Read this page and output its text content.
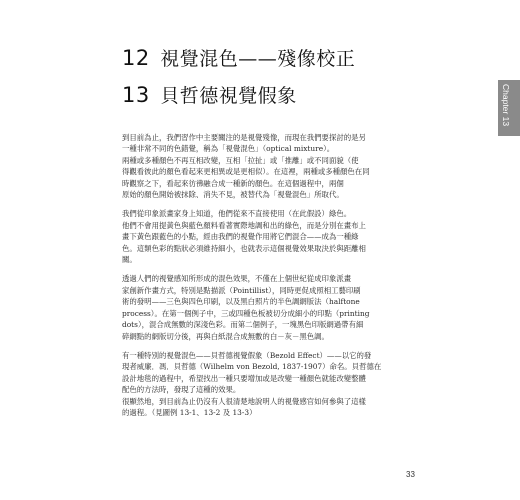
12 視覺混色——殘像校正
13 貝哲德視覺假象	Chapter 13
到目前為止，我們習作中主要關注的是視覺殘像，而現在我們要探討的是另
一種非常不同的色錯覺，稱為「視覺混色」（optical mixture）。
兩種或多種顏色不再互相改變，互相「拉扯」或「推離」或不同面貌（使
得觀看彼此的顏色看起來更相異或是更相似）。在這裡，兩種或多種顏色在同
時觀察之下，看起來彷彿融合成一種新的顏色。在這個過程中，兩個
原始的顏色開始被抹除、消失不見，被替代為「視覺混色」所取代。
我們從印象派畫家身上知道，他們從來不直接使用（在此假設）綠色。
他們不會用提黃色與藍色顏料看著實際地調和出的綠色，而是分別在畫布上
畫下黃色跟藍色的小點，經由我們的視覺作用將它們混合——成為一種綠
色。這類色彩的點狀必須維持細小，也就表示這個視覺效果取決於與距離相
關。
透過人們的視覺感知所形成的混色效果，不僅在上個世紀從成印象派畫
家創新作畫方式，特別是點描派（Pointillist），同時更促成照相工藝印刷
術的發明——三色與四色印刷，以及黑白照片的半色調網版法（halftone
process）。在第一個例子中，三或四種色板被切分成細小的印點（printing
dots），混合成無數的深淺色彩。而第二個例子，一塊黑色印版網過帶有細
碎網點的網版切分後，再與白紙混合成無數的白－灰－黑色調。
有一種特別的視覺混色——貝哲德視覺假象（Bezold Effect）——以它的發
現者威廉．馮．貝哲德（Wilhelm von Bezold, 1837-1907）命名。貝哲德在
設計地毯的過程中，希望找出一種只要增加或是改變一種顏色就能改變整體
配色的方法時，發現了這種的效果。
很顯然地，到目前為止仍沒有人很清楚地說明人的視覺感官如何參與了這樣
的過程。（見圖例 13-1、13-2 及 13-3）
33
